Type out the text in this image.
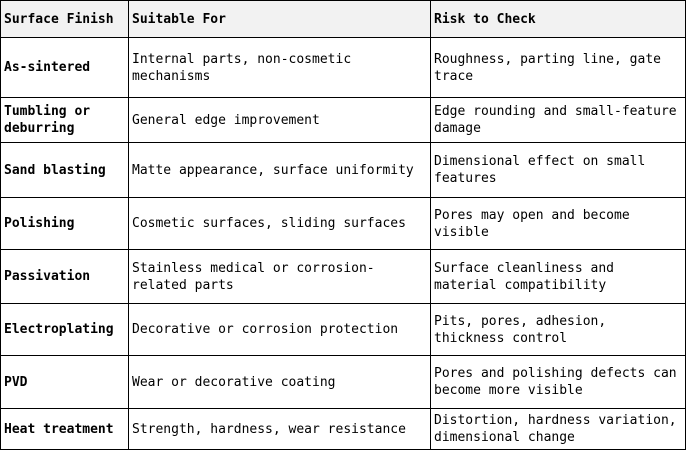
Surface Finish	Suitable For	Risk to Check
As-sintered	Internal parts, non-cosmetic mechanisms	Roughness, parting line, gate trace
Tumbling or deburring	General edge improvement	Edge rounding and small-feature damage
Sand blasting	Matte appearance, surface uniformity	Dimensional effect on small features
Polishing	Cosmetic surfaces, sliding surfaces	Pores may open and become visible
Passivation	Stainless medical or corrosion-related parts	Surface cleanliness and material compatibility
Electroplating	Decorative or corrosion protection	Pits, pores, adhesion, thickness control
PVD	Wear or decorative coating	Pores and polishing defects can become more visible
Heat treatment	Strength, hardness, wear resistance	Distortion, hardness variation, dimensional change
